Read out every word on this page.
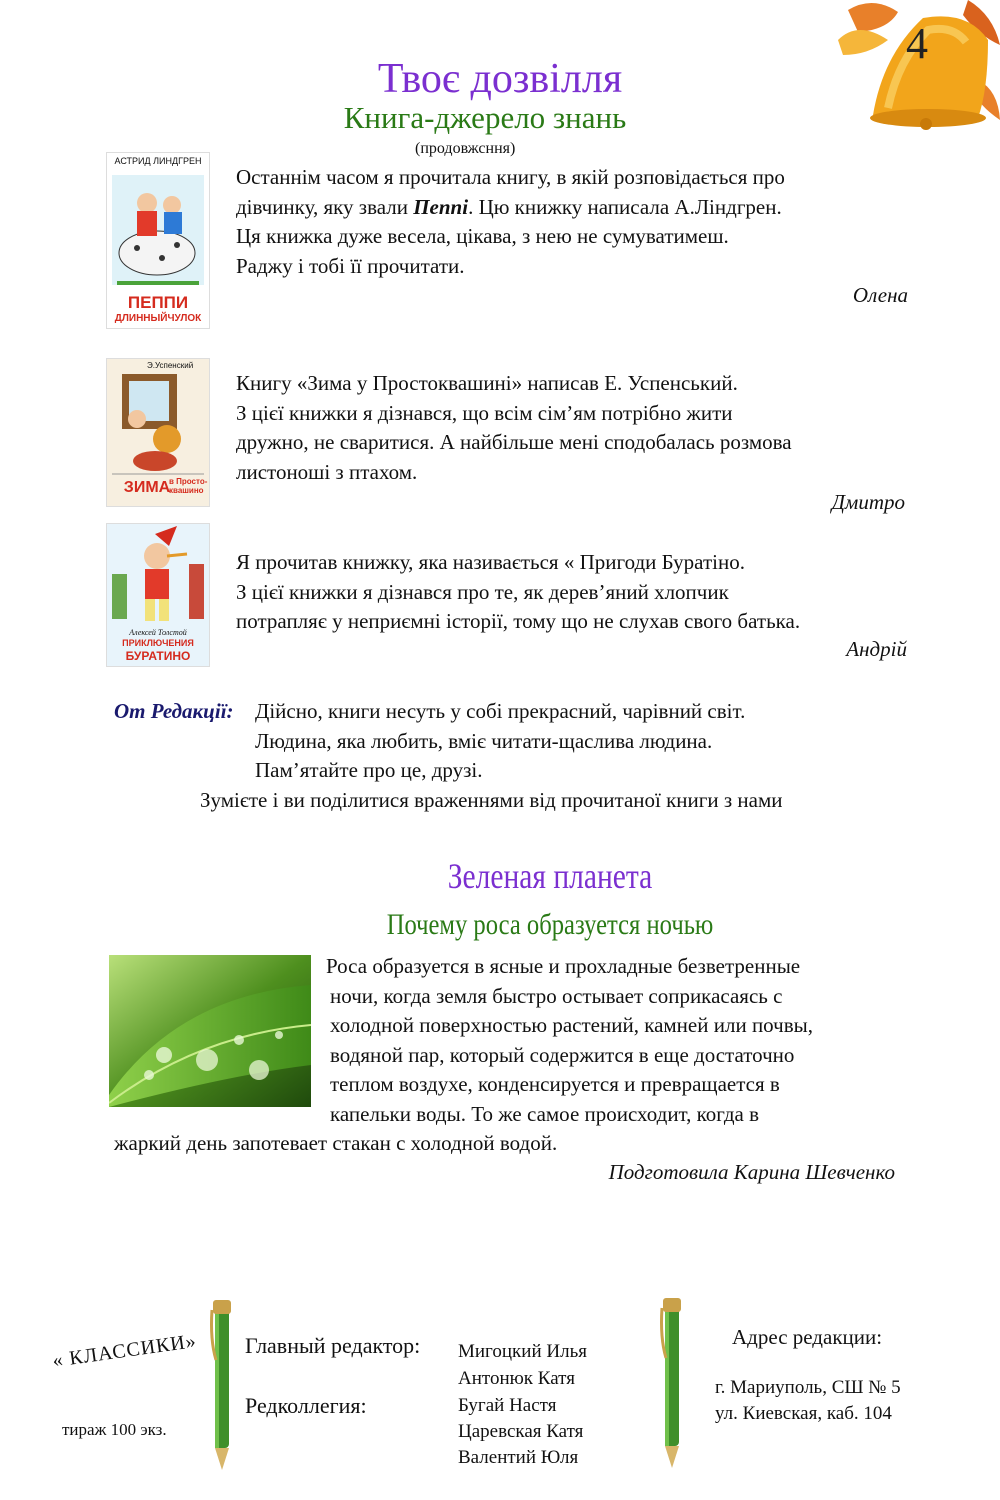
4
Твоє дозвілля
Книга-джерело знань
(продовжсння)
ПЕППИ
АСТРИД ЛИНДГРЕН
ДЛИННЫЙЧУЛОК
Останнім часом я прочитала книгу, в якій розповідається про
дівчинку, яку звали Пеппі. Цю книжку написала А.Ліндгрен.
Ця книжка дуже весела, цікава, з нею не сумуватимеш.
Раджу і тобі її прочитати.
Олена
ЗИМА
Э.Успенский
в Просто-квашино
Книгу «Зима у Простоквашині» написав Е. Успенський.
З цієї книжки я дізнався, що всім сім’ям потрібно жити
дружно, не сваритися. А найбільше мені сподобалась розмова
листоноші з птахом.
Дмитро
Алексей Толстой
ПРИКЛЮЧЕНИЯ
БУРАТИНО
Я прочитав книжку, яка називається « Пригоди Буратіно.
З цієї книжки я дізнався про те, як дерев’яний хлопчик
потрапляє у неприємні історії, тому що не слухав свого батька.
Андрій
От Редакції: Дійсно, книги несуть у собі прекрасний, чарівний світ.
Людина, яка любить, вміє читати-щаслива людина.
Пам’ятайте про це, друзі.
Зумієте і ви поділитися враженнями від прочитаної книги з нами
Зеленая планета
Почему роса образуется ночью
Роса образуется в ясные и прохладные безветренные
ночи, когда земля быстро остывает соприкасаясь с
холодной поверхностью растений, камней или почвы,
водяной пар, который содержится в еще достаточно
теплом воздухе, конденсируется и превращается в
капельки воды. То же самое происходит, когда в
жаркий день запотевает стакан с холодной водой.
Подготовила Карина Шевченко
« КЛАССИКИ»
тираж 100 экз.
Главный редактор: Мигоцкий Илья
Антонюк Катя
Редколлегия:	Бугай Настя
Царевская Катя
Валентий Юля
Адрес редакции:
г. Мариуполь, СШ № 5
ул. Киевская, каб. 104
